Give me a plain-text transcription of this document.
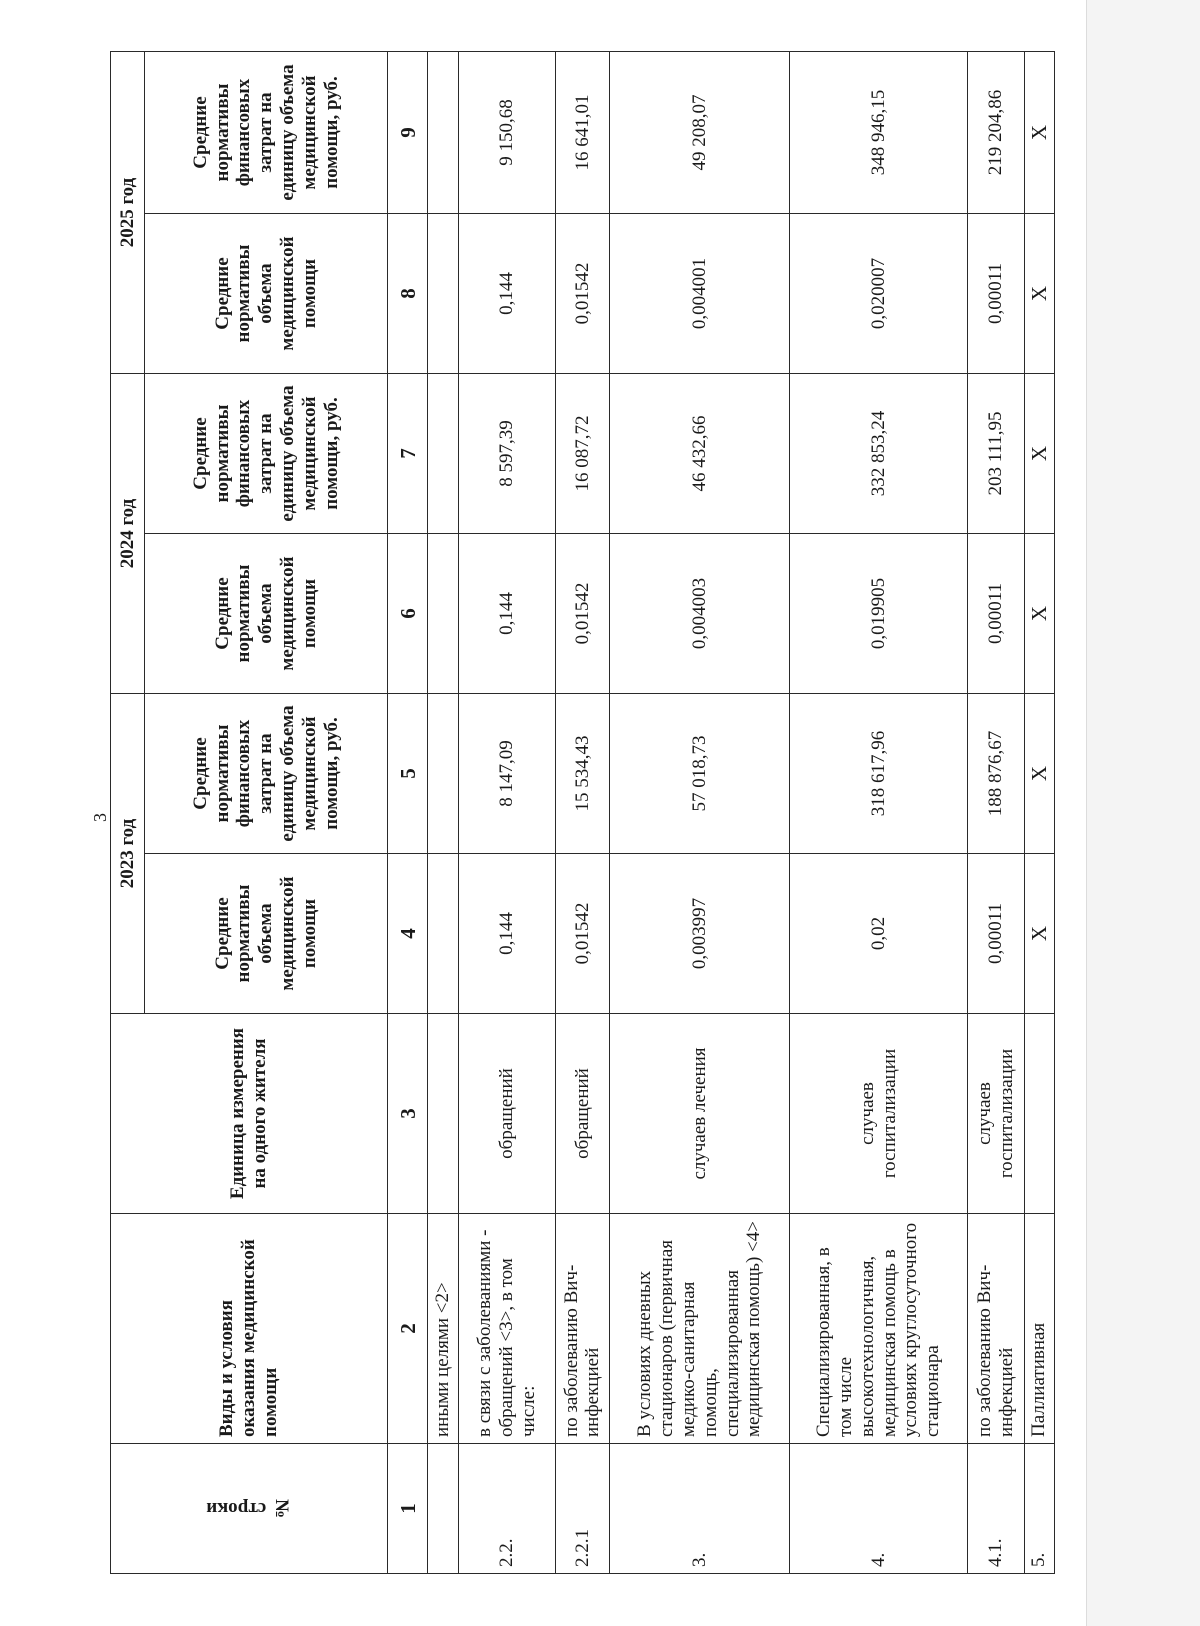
3
№ строки	Виды и условия оказания медицинской помощи	Единица измерения на одного жителя	2023 год		2024 год		2025 год	
			Средние нормативы объема медицинской помощи	Средние нормативы финансовых затрат на единицу объема медицинской помощи, руб.	Средние нормативы объема медицинской помощи	Средние нормативы финансовых затрат на единицу объема медицинской помощи, руб.	Средние нормативы объема медицинской помощи	Средние нормативы финансовых затрат на единицу объема медицинской помощи, руб.
1	2	3	4	5	6	7	8	9
	иными целями <2>							
2.2.	в связи с заболеваниями - обращений <3>, в том числе:	обращений	0,144	8 147,09	0,144	8 597,39	0,144	9 150,68
2.2.1	по заболеванию Вич-инфекцией	обращений	0,01542	15 534,43	0,01542	16 087,72	0,01542	16 641,01
3.	В условиях дневных стационаров (первичная медико-санитарная помощь, специализированная медицинская помощь) <4>	случаев лечения	0,003997	57 018,73	0,004003	46 432,66	0,004001	49 208,07
4.	Специализированная, в том числе высокотехнологичная, медицинская помощь в условиях круглосуточного стационара	случаев госпитализации	0,02	318 617,96	0,019905	332 853,24	0,020007	348 946,15
4.1.	по заболеванию Вич-инфекцией	случаев госпитализации	0,00011	188 876,67	0,00011	203 111,95	0,00011	219 204,86
5.	Паллиативная		X	X	X	X	X	X
